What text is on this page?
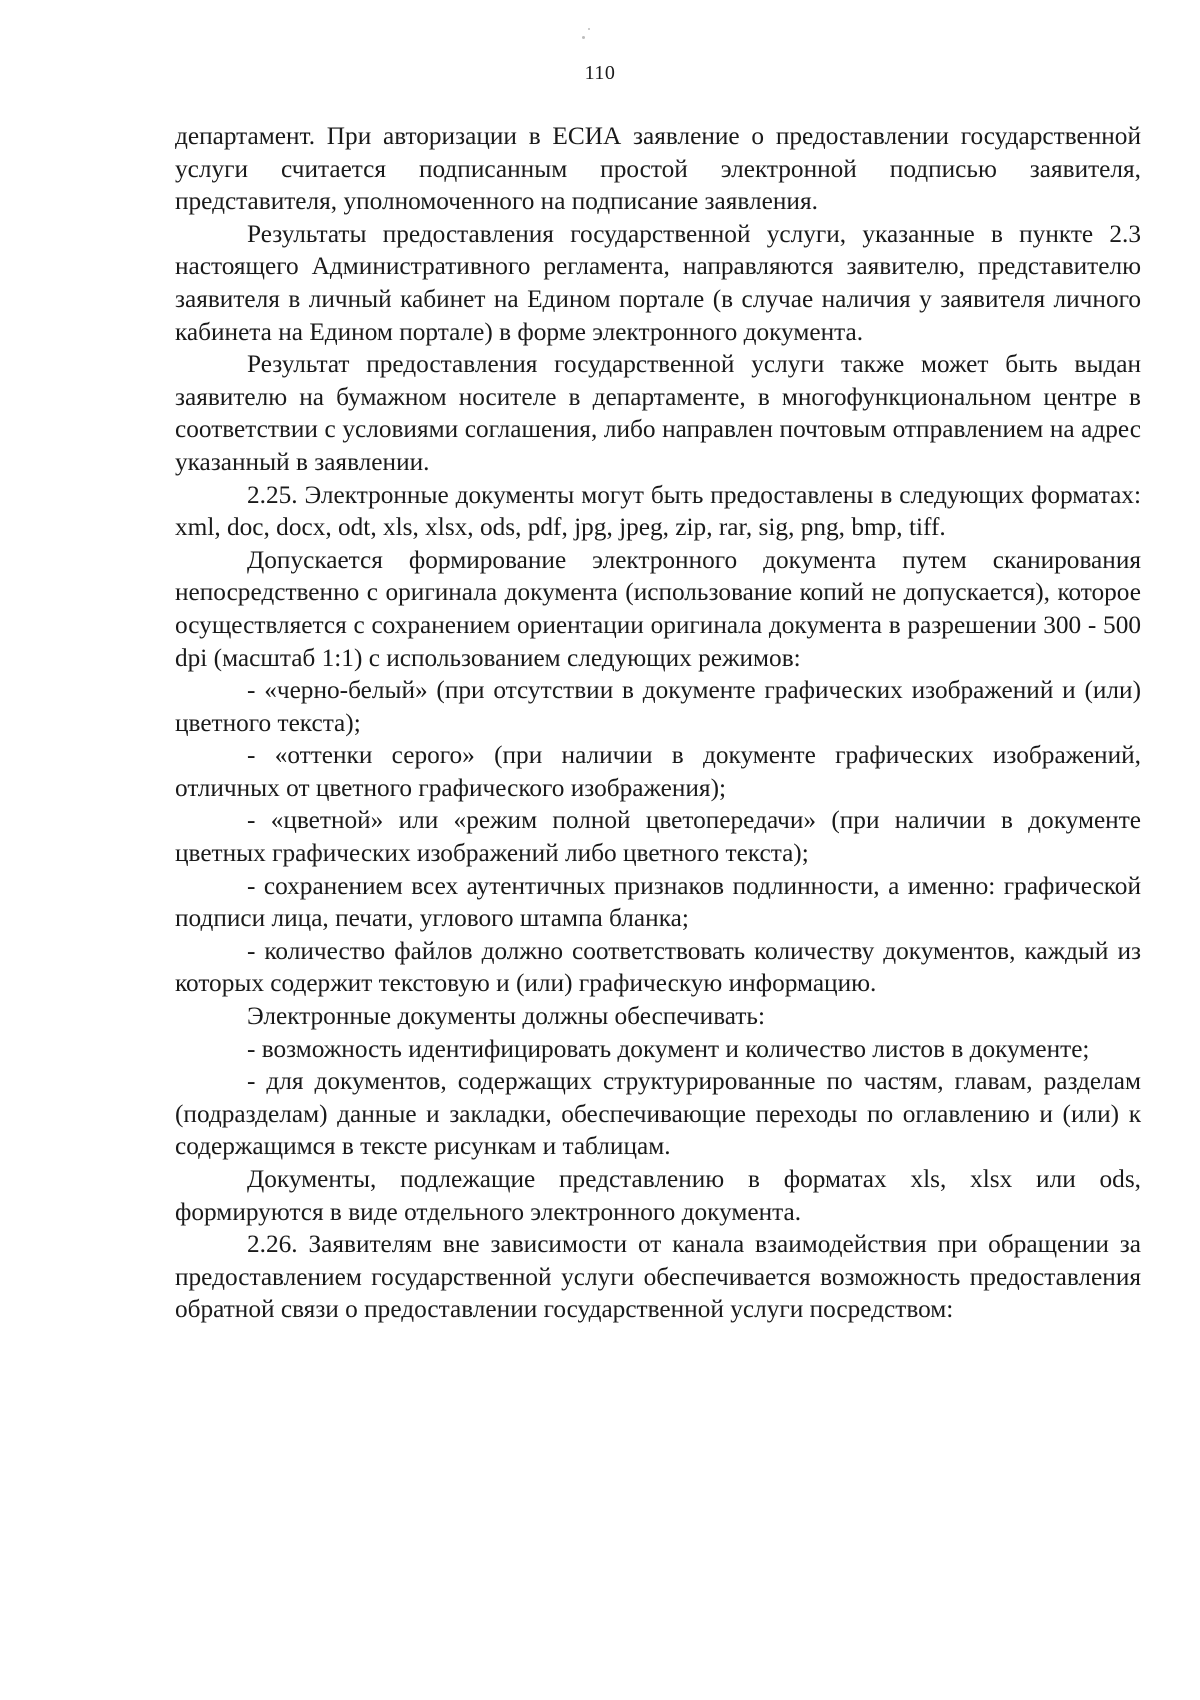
110

департамент. При авторизации в ЕСИА заявление о предоставлении государственной услуги считается подписанным простой электронной подписью заявителя, представителя, уполномоченного на подписание заявления.

Результаты предоставления государственной услуги, указанные в пункте 2.3 настоящего Административного регламента, направляются заявителю, представителю заявителя в личный кабинет на Едином портале (в случае наличия у заявителя личного кабинета на Едином портале) в форме электронного документа.

Результат предоставления государственной услуги также может быть выдан заявителю на бумажном носителе в департаменте, в многофункциональном центре в соответствии с условиями соглашения, либо направлен почтовым отправлением на адрес указанный в заявлении.

2.25. Электронные документы могут быть предоставлены в следующих форматах: xml, doc, docx, odt, xls, xlsx, ods, pdf, jpg, jpeg, zip, rar, sig, png, bmp, tiff.

Допускается формирование электронного документа путем сканирования непосредственно с оригинала документа (использование копий не допускается), которое осуществляется с сохранением ориентации оригинала документа в разрешении 300 - 500 dpi (масштаб 1:1) с использованием следующих режимов:

- «черно-белый» (при отсутствии в документе графических изображений и (или) цветного текста);

- «оттенки серого» (при наличии в документе графических изображений, отличных от цветного графического изображения);

- «цветной» или «режим полной цветопередачи» (при наличии в документе цветных графических изображений либо цветного текста);

- сохранением всех аутентичных признаков подлинности, а именно: графической подписи лица, печати, углового штампа бланка;

- количество файлов должно соответствовать количеству документов, каждый из которых содержит текстовую и (или) графическую информацию.

Электронные документы должны обеспечивать:

- возможность идентифицировать документ и количество листов в документе;

- для документов, содержащих структурированные по частям, главам, разделам (подразделам) данные и закладки, обеспечивающие переходы по оглавлению и (или) к содержащимся в тексте рисункам и таблицам.

Документы, подлежащие представлению в форматах xls, xlsx или ods, формируются в виде отдельного электронного документа.

2.26. Заявителям вне зависимости от канала взаимодействия при обращении за предоставлением государственной услуги обеспечивается возможность предоставления обратной связи о предоставлении государственной услуги посредством:
